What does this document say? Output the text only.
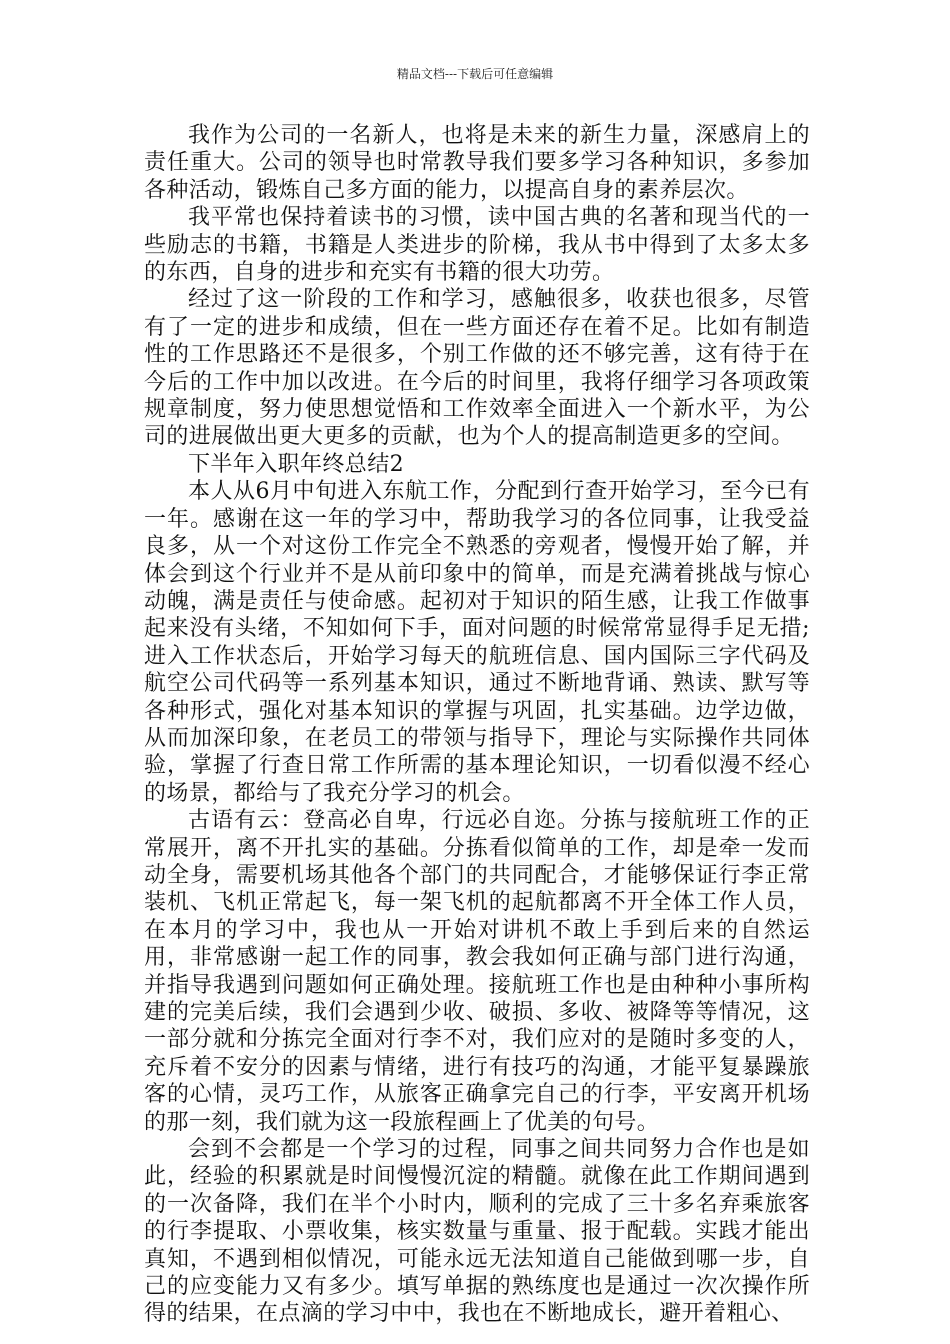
精品文档---下载后可任意编辑

我作为公司的一名新人，也将是未来的新生力量，深感肩上的责任重大。公司的领导也时常教导我们要多学习各种知识，多参加各种活动，锻炼自己多方面的能力，以提高自身的素养层次。

我平常也保持着读书的习惯，读中国古典的名著和现当代的一些励志的书籍，书籍是人类进步的阶梯，我从书中得到了太多太多的东西，自身的进步和充实有书籍的很大功劳。

经过了这一阶段的工作和学习，感触很多，收获也很多，尽管有了一定的进步和成绩，但在一些方面还存在着不足。比如有制造性的工作思路还不是很多，个别工作做的还不够完善，这有待于在今后的工作中加以改进。在今后的时间里，我将仔细学习各项政策规章制度，努力使思想觉悟和工作效率全面进入一个新水平，为公司的进展做出更大更多的贡献，也为个人的提高制造更多的空间。

下半年入职年终总结2

本人从6月中旬进入东航工作，分配到行查开始学习，至今已有一年。感谢在这一年的学习中，帮助我学习的各位同事，让我受益良多，从一个对这份工作完全不熟悉的旁观者，慢慢开始了解，并体会到这个行业并不是从前印象中的简单，而是充满着挑战与惊心动魄，满是责任与使命感。起初对于知识的陌生感，让我工作做事起来没有头绪，不知如何下手，面对问题的时候常常显得手足无措;进入工作状态后，开始学习每天的航班信息、国内国际三字代码及航空公司代码等一系列基本知识，通过不断地背诵、熟读、默写等各种形式，强化对基本知识的掌握与巩固，扎实基础。边学边做，从而加深印象，在老员工的带领与指导下，理论与实际操作共同体验，掌握了行查日常工作所需的基本理论知识，一切看似漫不经心的场景，都给与了我充分学习的机会。

古语有云：登高必自卑，行远必自迩。分拣与接航班工作的正常展开，离不开扎实的基础。分拣看似简单的工作，却是牵一发而动全身，需要机场其他各个部门的共同配合，才能够保证行李正常装机、飞机正常起飞，每一架飞机的起航都离不开全体工作人员，在本月的学习中，我也从一开始对讲机不敢上手到后来的自然运用，非常感谢一起工作的同事，教会我如何正确与部门进行沟通，并指导我遇到问题如何正确处理。接航班工作也是由种种小事所构建的完美后续，我们会遇到少收、破损、多收、被降等等情况，这一部分就和分拣完全面对行李不对，我们应对的是随时多变的人，充斥着不安分的因素与情绪，进行有技巧的沟通，才能平复暴躁旅客的心情，灵巧工作，从旅客正确拿完自己的行李，平安离开机场的那一刻，我们就为这一段旅程画上了优美的句号。

会到不会都是一个学习的过程，同事之间共同努力合作也是如此，经验的积累就是时间慢慢沉淀的精髓。就像在此工作期间遇到的一次备降，我们在半个小时内，顺利的完成了三十多名弃乘旅客的行李提取、小票收集，核实数量与重量、报于配载。实践才能出真知，不遇到相似情况，可能永远无法知道自己能做到哪一步，自己的应变能力又有多少。填写单据的熟练度也是通过一次次操作所得的结果，在点滴的学习中中，我也在不断地成长，避开着粗心、
